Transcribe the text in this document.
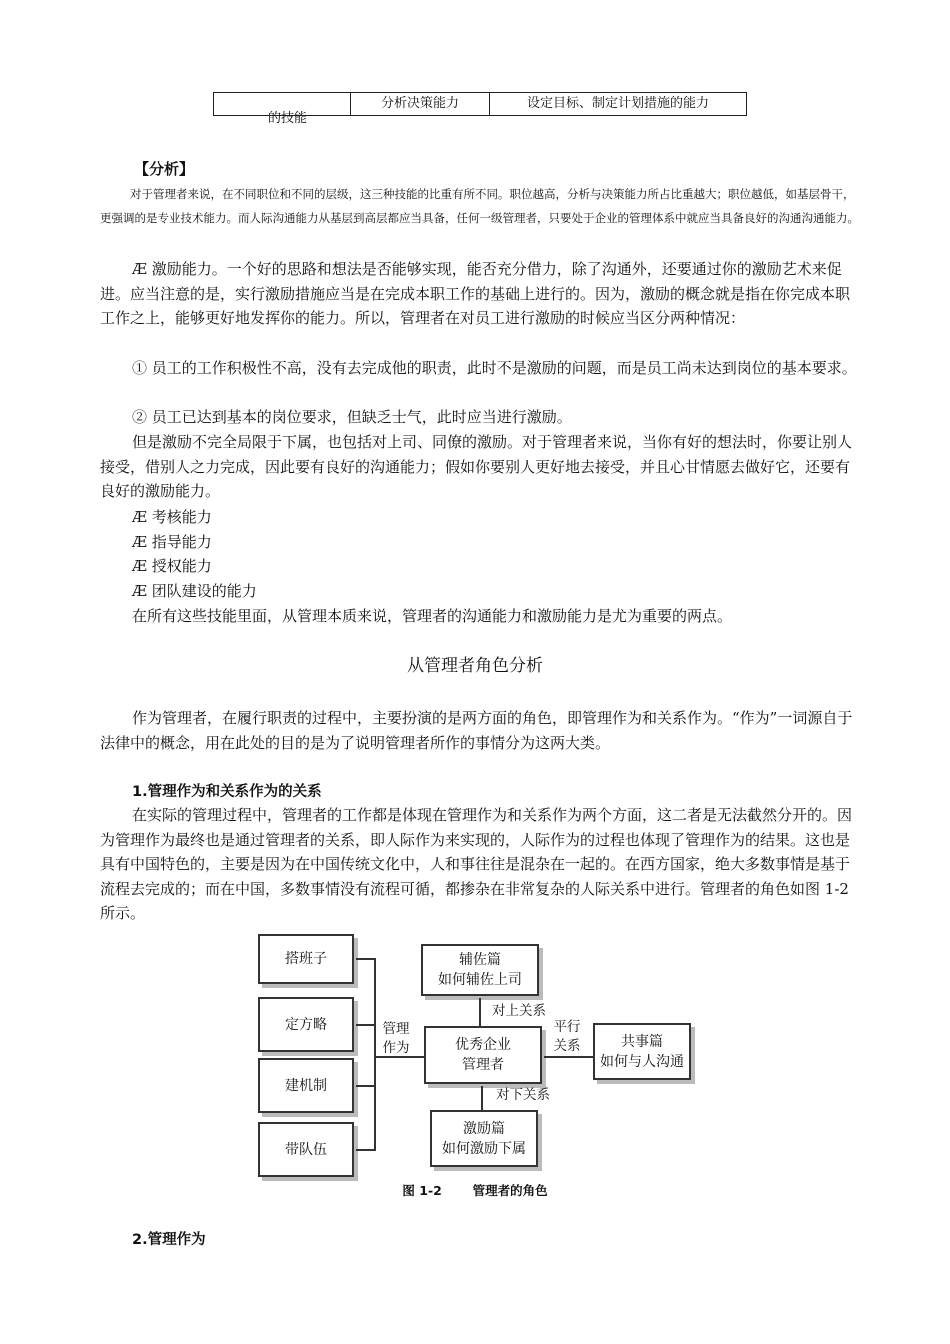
分析决策能力	设定目标、制定计划措施的能力
的技能
【分析】
对于管理者来说，在不同职位和不同的层级，这三种技能的比重有所不同。职位越高，分析与决策能力所占比重越大；职位越低，如基层骨干，更强调的是专业技术能力。而人际沟通能力从基层到高层都应当具备，任何一级管理者，只要处于企业的管理体系中就应当具备良好的沟通沟通能力。
Æ 激励能力。一个好的思路和想法是否能够实现，能否充分借力，除了沟通外，还要通过你的激励艺术来促进。应当注意的是，实行激励措施应当是在完成本职工作的基础上进行的。因为，激励的概念就是指在你完成本职工作之上，能够更好地发挥你的能力。所以，管理者在对员工进行激励的时候应当区分两种情况：
① 员工的工作积极性不高，没有去完成他的职责，此时不是激励的问题，而是员工尚未达到岗位的基本要求。
② 员工已达到基本的岗位要求，但缺乏士气，此时应当进行激励。
但是激励不完全局限于下属，也包括对上司、同僚的激励。对于管理者来说，当你有好的想法时，你要让别人接受，借别人之力完成，因此要有良好的沟通能力；假如你要别人更好地去接受，并且心甘情愿去做好它，还要有良好的激励能力。
Æ 考核能力
Æ 指导能力
Æ 授权能力
Æ 团队建设的能力
在所有这些技能里面，从管理本质来说，管理者的沟通能力和激励能力是尤为重要的两点。
从管理者角色分析
作为管理者，在履行职责的过程中，主要扮演的是两方面的角色，即管理作为和关系作为。“作为”一词源自于法律中的概念，用在此处的目的是为了说明管理者所作的事情分为这两大类。
1.管理作为和关系作为的关系
在实际的管理过程中，管理者的工作都是体现在管理作为和关系作为两个方面，这二者是无法截然分开的。因为管理作为最终也是通过管理者的关系，即人际作为来实现的，人际作为的过程也体现了管理作为的结果。这也是具有中国特色的，主要是因为在中国传统文化中，人和事往往是混杂在一起的。在西方国家，绝大多数事情是基于流程去完成的；而在中国，多数事情没有流程可循，都掺杂在非常复杂的人际关系中进行。管理者的角色如图 1-2 所示。
搭班子
定方略
建机制
带队伍
管理
作为
辅佐篇
如何辅佐上司
对上关系
优秀企业
管理者
平行
关系	共事篇
如何与人沟通
对下关系
激励篇
如何激励下属
图 1-2 管理者的角色
2.管理作为
